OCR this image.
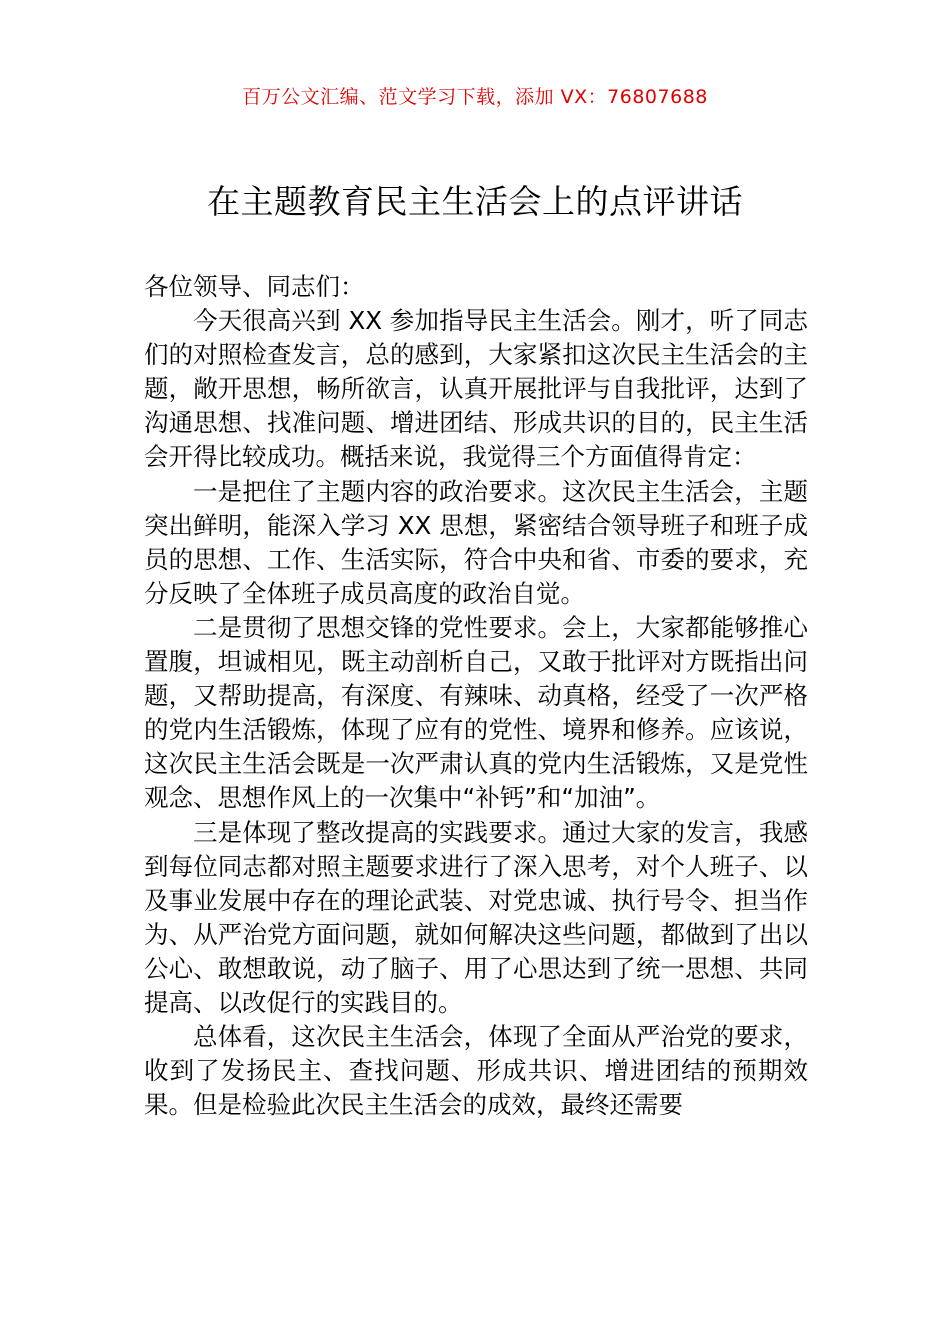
百万公文汇编、范文学习下载，添加 VX：76807688
在主题教育民主生活会上的点评讲话

各位领导、同志们：

今天很高兴到 XX 参加指导民主生活会。刚才，听了同志们的对照检查发言，总的感到，大家紧扣这次民主生活会的主题，敞开思想，畅所欲言，认真开展批评与自我批评，达到了沟通思想、找准问题、增进团结、形成共识的目的，民主生活会开得比较成功。概括来说，我觉得三个方面值得肯定：

一是把住了主题内容的政治要求。这次民主生活会，主题突出鲜明，能深入学习 XX 思想，紧密结合领导班子和班子成员的思想、工作、生活实际，符合中央和省、市委的要求，充分反映了全体班子成员高度的政治自觉。

二是贯彻了思想交锋的党性要求。会上，大家都能够推心置腹，坦诚相见，既主动剖析自己，又敢于批评对方既指出问题，又帮助提高，有深度、有辣味、动真格，经受了一次严格的党内生活锻炼，体现了应有的党性、境界和修养。应该说，这次民主生活会既是一次严肃认真的党内生活锻炼，又是党性观念、思想作风上的一次集中“补钙”和“加油”。

三是体现了整改提高的实践要求。通过大家的发言，我感到每位同志都对照主题要求进行了深入思考，对个人班子、以及事业发展中存在的理论武装、对党忠诚、执行号令、担当作为、从严治党方面问题，就如何解决这些问题，都做到了出以公心、敢想敢说，动了脑子、用了心思达到了统一思想、共同提高、以改促行的实践目的。

总体看，这次民主生活会，体现了全面从严治党的要求，收到了发扬民主、查找问题、形成共识、增进团结的预期效果。但是检验此次民主生活会的成效，最终还需要
